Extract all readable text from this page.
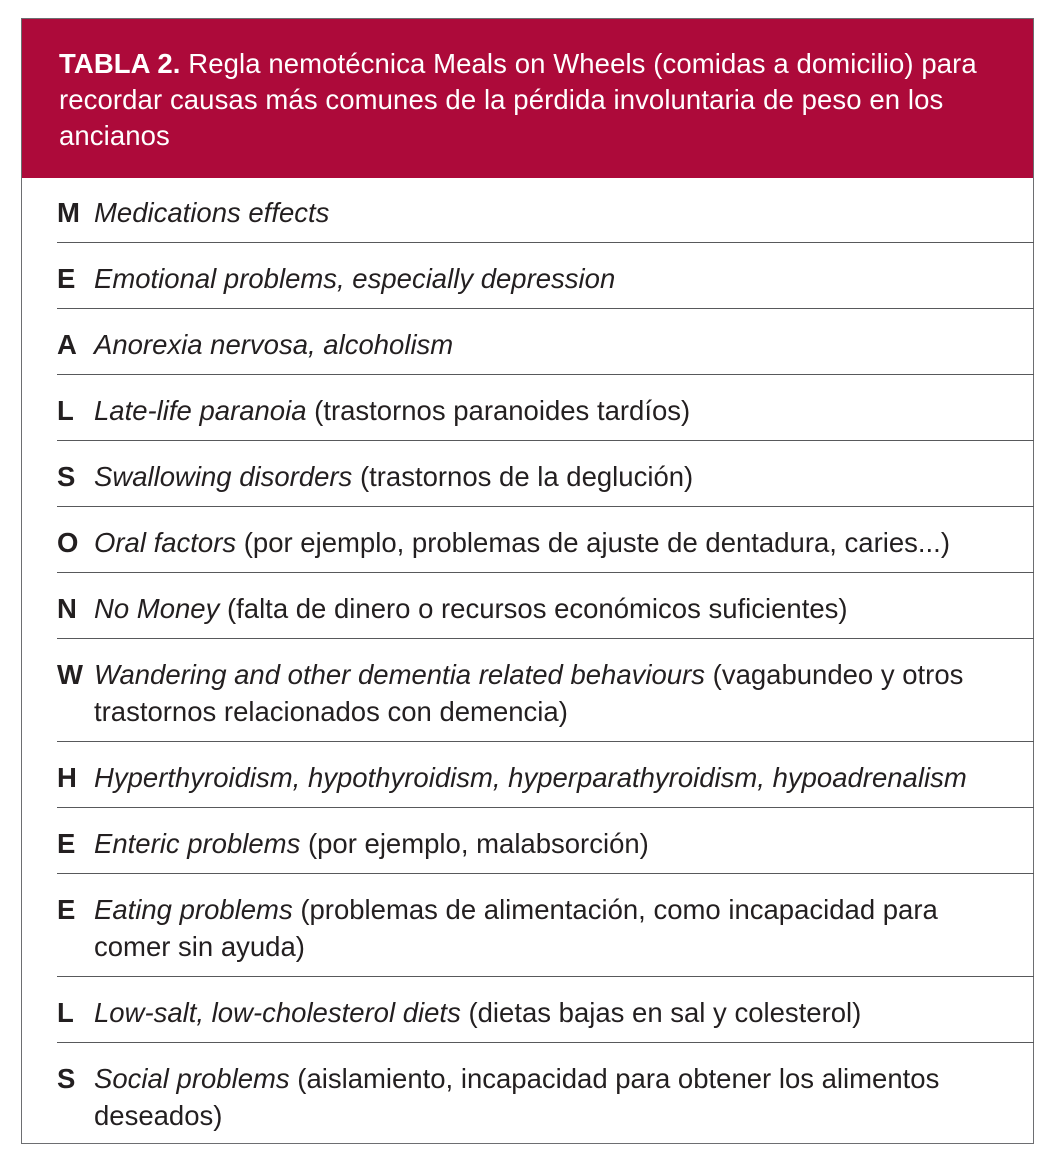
TABLA 2. Regla nemotécnica Meals on Wheels (comidas a domicilio) para recordar causas más comunes de la pérdida involuntaria de peso en los ancianos
M Medications effects
E Emotional problems, especially depression
A Anorexia nervosa, alcoholism
L Late-life paranoia (trastornos paranoides tardíos)
S Swallowing disorders (trastornos de la deglución)
O Oral factors (por ejemplo, problemas de ajuste de dentadura, caries...)
N No Money (falta de dinero o recursos económicos suficientes)
W Wandering and other dementia related behaviours (vagabundeo y otros trastornos relacionados con demencia)
H Hyperthyroidism, hypothyroidism, hyperparathyroidism, hypoadrenalism
E Enteric problems (por ejemplo, malabsorción)
E Eating problems (problemas de alimentación, como incapacidad para comer sin ayuda)
L Low-salt, low-cholesterol diets (dietas bajas en sal y colesterol)
S Social problems (aislamiento, incapacidad para obtener los alimentos deseados)
